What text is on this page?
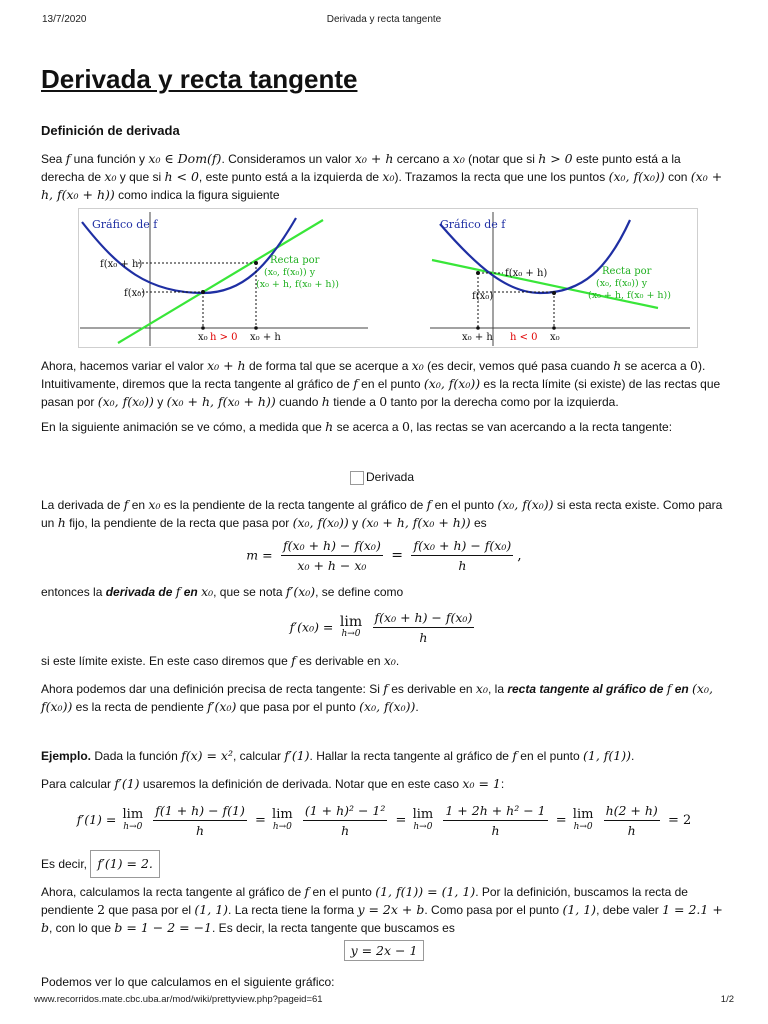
13/7/2020	Derivada y recta tangente
Derivada y recta tangente
Definición de derivada
Sea f una función y x₀ ∈ Dom(f). Consideramos un valor x₀ + h cercano a x₀ (notar que si h > 0 este punto está a la derecha de x₀ y que si h < 0, este punto está a la izquierda de x₀). Trazamos la recta que une los puntos (x₀, f(x₀)) con (x₀ + h, f(x₀ + h)) como indica la figura siguiente
Gráfico de f
f(x₀ + h)
f(x₀)
Recta por
(x₀, f(x₀)) y
(x₀ + h, f(x₀ + h))
x₀ h > 0 x₀ + h
Gráfico de f
f(x₀ + h)
f(x₀)
Recta por
(x₀, f(x₀)) y
(x₀ + h, f(x₀ + h))
x₀ + h h < 0 x₀
Ahora, hacemos variar el valor x₀ + h de forma tal que se acerque a x₀ (es decir, vemos qué pasa cuando h se acerca a 0). Intuitivamente, diremos que la recta tangente al gráfico de f en el punto (x₀, f(x₀)) es la recta límite (si existe) de las rectas que pasan por (x₀, f(x₀)) y (x₀ + h, f(x₀ + h)) cuando h tiende a 0 tanto por la derecha como por la izquierda.
En la siguiente animación se ve cómo, a medida que h se acerca a 0, las rectas se van acercando a la recta tangente:
Derivada
La derivada de f en x₀ es la pendiente de la recta tangente al gráfico de f en el punto (x₀, f(x₀)) si esta recta existe. Como para un h fijo, la pendiente de la recta que pasa por (x₀, f(x₀)) y (x₀ + h, f(x₀ + h)) es
$m = \frac{\text{f(x₀ + h) − f(x₀)}}{\text{x₀ + h − x₀}} = \frac{\text{f(x₀ + h) − f(x₀)}}{h}$ ,
entonces la derivada de f en x₀, que se nota f′(x₀), se define como
f′(x₀) = lim
h→0
$\frac{\text{f(x₀ + h) − f(x₀)}}{h}$
si este límite existe. En este caso diremos que f es derivable en x₀.
Ahora podemos dar una definición precisa de recta tangente: Si f es derivable en x₀, la recta tangente al gráfico de f en (x₀, f(x₀)) es la recta de pendiente f′(x₀) que pasa por el punto (x₀, f(x₀)).
Ejemplo. Dada la función f(x) = x², calcular f′(1). Hallar la recta tangente al gráfico de f en el punto (1, f(1)).
Para calcular f′(1) usaremos la definición de derivada. Notar que en este caso x₀ = 1:
f′(1) = lim
h→0
$\frac{f(1 + h) - f(1)}{h} = \lim$
h→0
$\frac{\text{(1 + h)² − 1²}}{h} = \lim$
h→0
$\frac{\text{1 + 2h + h² − 1}}{h} = \lim$
h→0
$\frac{h(2 + h)}{h} = 2$
Es decir, f′(1) = 2.
Ahora, calculamos la recta tangente al gráfico de f en el punto (1, f(1)) = (1, 1). Por la definición, buscamos la recta de pendiente 2 que pasa por el (1, 1). La recta tiene la forma y = 2x + b. Como pasa por el punto (1, 1), debe valer 1 = 2.1 + b, con lo que b = 1 − 2 = −1. Es decir, la recta tangente que buscamos es
y = 2x − 1
Podemos ver lo que calculamos en el siguiente gráfico:
www.recorridos.mate.cbc.uba.ar/mod/wiki/prettyview.php?pageid=61	1/2
